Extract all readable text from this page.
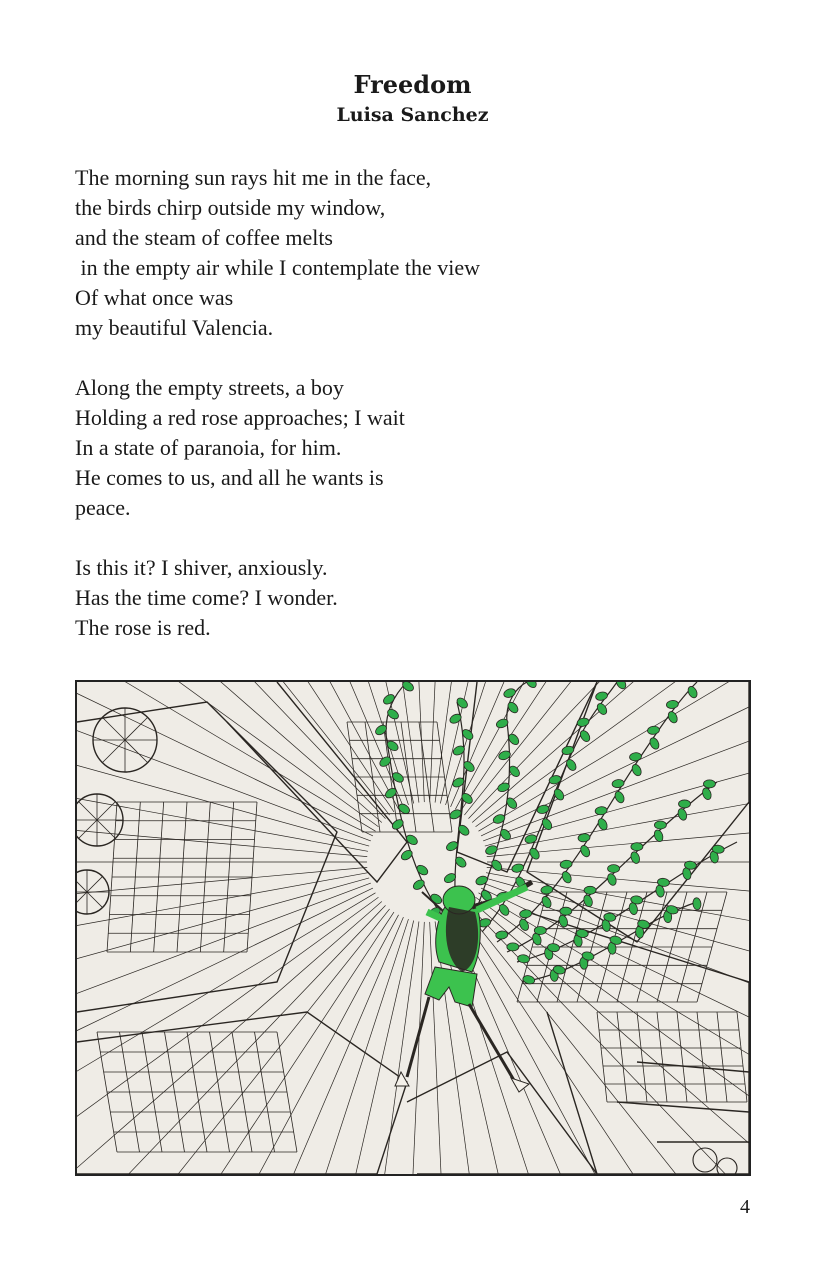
Freedom
Luisa Sanchez
The morning sun rays hit me in the face,
the birds chirp outside my window,
and the steam of coffee melts
in the empty air while I contemplate the view
Of what once was
my beautiful Valencia.
Along the empty streets, a boy
Holding a red rose approaches; I wait
In a state of paranoia, for him.
He comes to us, and all he wants is
peace.
Is this it? I shiver, anxiously.
Has the time come? I wonder.
The rose is red.
4
